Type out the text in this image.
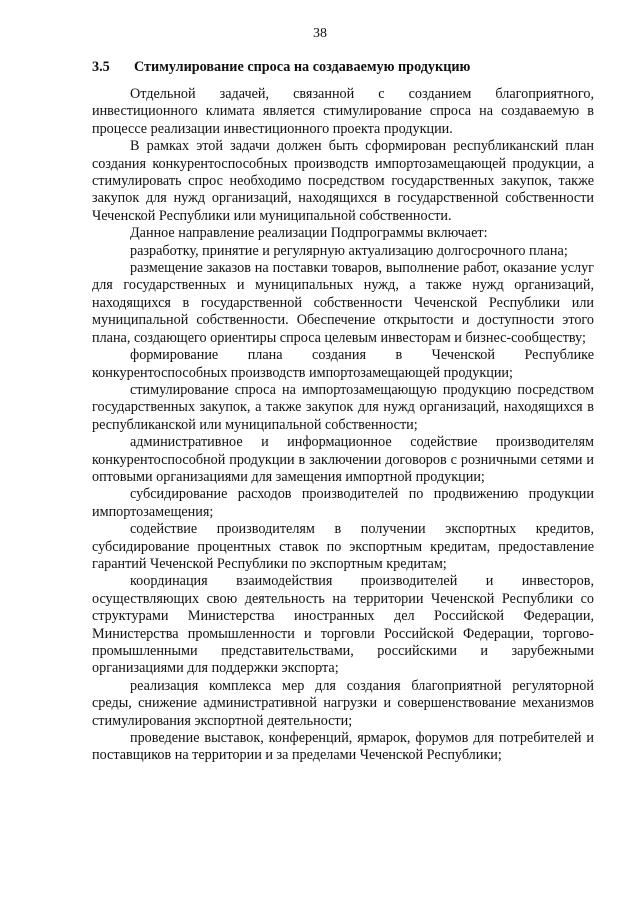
38
3.5 Стимулирование спроса на создаваемую продукцию

Отдельной задачей, связанной с созданием благоприятного, инвестиционного климата является стимулирование спроса на создаваемую в процессе реализации инвестиционного проекта продукции.

В рамках этой задачи должен быть сформирован республиканский план создания конкурентоспособных производств импортозамещающей продукции, а стимулировать спрос необходимо посредством государственных закупок, также закупок для нужд организаций, находящихся в государственной собственности Чеченской Республики или муниципальной собственности.

Данное направление реализации Подпрограммы включает:

разработку, принятие и регулярную актуализацию долгосрочного плана;

размещение заказов на поставки товаров, выполнение работ, оказание услуг для государственных и муниципальных нужд, а также нужд организаций, находящихся в государственной собственности Чеченской Республики или муниципальной собственности. Обеспечение открытости и доступности этого плана, создающего ориентиры спроса целевым инвесторам и бизнес-сообществу;

формирование плана создания в Чеченской Республике конкурентоспособных производств импортозамещающей продукции;

стимулирование спроса на импортозамещающую продукцию посредством государственных закупок, а также закупок для нужд организаций, находящихся в республиканской или муниципальной собственности;

административное и информационное содействие производителям конкурентоспособной продукции в заключении договоров с розничными сетями и оптовыми организациями для замещения импортной продукции;

субсидирование расходов производителей по продвижению продукции импортозамещения;

содействие производителям в получении экспортных кредитов, субсидирование процентных ставок по экспортным кредитам, предоставление гарантий Чеченской Республики по экспортным кредитам;

координация взаимодействия производителей и инвесторов, осуществляющих свою деятельность на территории Чеченской Республики со структурами Министерства иностранных дел Российской Федерации, Министерства промышленности и торговли Российской Федерации, торгово-промышленными представительствами, российскими и зарубежными организациями для поддержки экспорта;

реализация комплекса мер для создания благоприятной регуляторной среды, снижение административной нагрузки и совершенствование механизмов стимулирования экспортной деятельности;

проведение выставок, конференций, ярмарок, форумов для потребителей и поставщиков на территории и за пределами Чеченской Республики;
